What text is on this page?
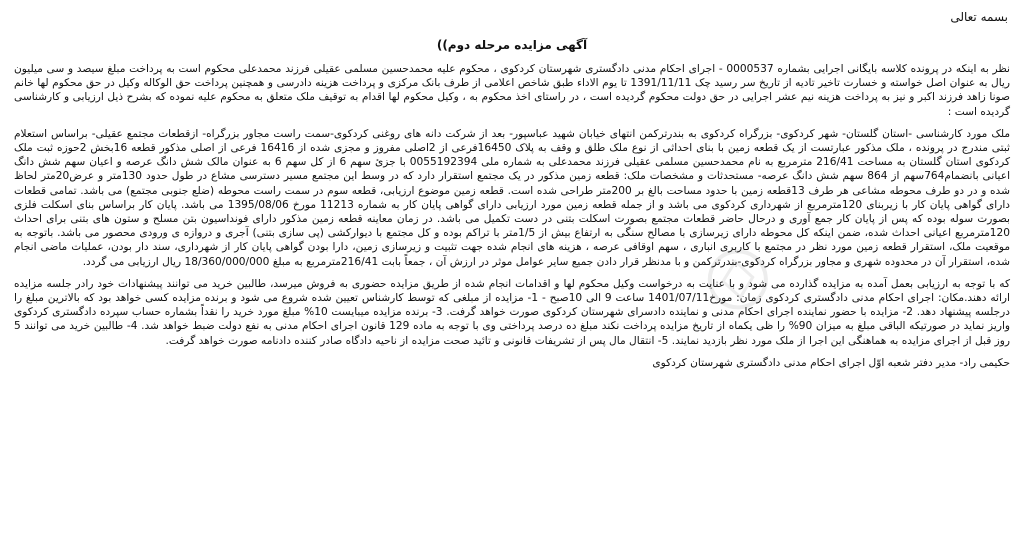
بسمه تعالی
آگهی مزایده مرحله دوم))

نظر به اینکه در پرونده کلاسه بایگانی اجرایی بشماره 0000537 - اجرای احکام مدنی دادگستری شهرستان کردکوی ، محکوم علیه محمدحسین مسلمی عقیلی فرزند محمدعلی محکوم است به پرداخت مبلغ سیصد و سی میلیون ریال به عنوان اصل خواسته و خسارت تاخیر تادیه از تاریخ سر رسید چک 1391/11/11 تا یوم الاداء طبق شاخص اعلامی از طرف بانک مرکزی و پرداخت هزینه دادرسی و همچنین پرداخت حق الوکاله وکیل در حق محکوم لها خانم صونا زاهد فرزند اکبر و نیز به پرداخت هزینه نیم عشر اجرایی در حق دولت محکوم گردیده است ، در راستای اخذ محکوم به ، وکیل محکوم لها اقدام به توقیف ملک متعلق به محکوم علیه نموده که بشرح ذیل ارزیابی و کارشناسی گردیده است :

ملک مورد کارشناسی -استان گلستان- شهر کردکوی- بزرگراه کردکوی به بندرترکمن انتهای خیابان شهید عباسپور- بعد از شرکت دانه های روغنی کردکوی-سمت راست مجاور بزرگراه- ازقطعات مجتمع عقیلی- براساس استعلام ثبتی مندرج در پرونده ، ملک مذکور عبارتست از یک قطعه زمین با بنای احداثی از نوع ملک طلق و وقف به پلاک 16450فرعی از 2اصلی مفروز و مجزی شده از 16416 فرعی از اصلی مذکور قطعه 16بخش 2حوزه ثبت ملک کردکوی استان گلستان به مساحت 216/41 مترمربع به نام محمدحسین مسلمی عقیلی فرزند محمدعلی به شماره ملی 0055192394 با جزئ سهم 6 از کل سهم 6 به عنوان مالک شش دانگ عرصه و اعیان سهم شش دانگ اعیانی بانضمام764سهم از 864 سهم شش دانگ عرصه- مستحدثات و مشخصات ملک: قطعه زمین مذکور در یک مجتمع استقرار دارد که در وسط این مجتمع مسیر دسترسی مشاع در طول حدود 130متر و عرض20متر لحاظ شده و در دو طرف محوطه مشاعی هر طرف 13قطعه زمین با حدود مساحت بالغ بر 200متر طراحی شده است. قطعه زمین موضوع ارزیابی، قطعه سوم در سمت راست محوطه (ضلع جنوبی مجتمع) می باشد. تمامی قطعات دارای گواهی پایان کار با زیربنای 120مترمربع از شهرداری کردکوی می باشد و از جمله قطعه زمین مورد ارزیابی دارای گواهی پایان کار به شماره 11213 مورخ 1395/08/06 می باشد. پایان کار براساس بنای اسکلت فلزی بصورت سوله بوده که پس از پایان کار جمع آوری و درحال حاضر قطعات مجتمع بصورت اسکلت بتنی در دست تکمیل می باشد. در زمان معاینه قطعه زمین مذکور دارای فونداسیون بتن مسلح و ستون های بتنی برای احداث 120مترمربع اعیانی احداث شده، ضمن اینکه کل محوطه دارای زیرسازی با مصالح سنگی به ارتفاع بیش از 1/5متر با تراکم بوده و کل مجتمع با دیوارکشی (پی سازی بتنی) آجری و دروازه ی ورودی محصور می باشد. باتوجه به موقعیت ملک، استقرار قطعه زمین مورد نظر در مجتمع با کاربری انباری ، سهم اوقافی عرصه ، هزینه های انجام شده جهت تثبیت و زیرسازی زمین، دارا بودن گواهی پایان کار از شهرداری، سند دار بودن، عملیات ماضی انجام شده، استقرار آن در محدوده شهری و مجاور بزرگراه کردکوی-بندرترکمن و با مدنظر قرار دادن جمیع سایر عوامل موثر در ارزش آن ، جمعاً بابت 216/41مترمربع به مبلغ 18/360/000/000 ریال ارزیابی می گردد.

که با توجه به ارزیابی بعمل آمده به مزایده گذارده می شود و با عنایت به درخواست وکیل محکوم لها و اقدامات انجام شده از طریق مزایده حضوری به فروش میرسد، طالبین خرید می توانند پیشنهادات خود رادر جلسه مزایده ارائه دهند.مکان: اجرای احکام مدنی دادگستری کردکوی زمان: مورخ1401/07/11 ساعت 9 الی 10صبح - 1- مزایده از مبلغی که توسط کارشناس تعیین شده شروع می شود و برنده مزایده کسی خواهد بود که بالاترین مبلغ را درجلسه پیشنهاد دهد. 2- مزایده با حضور نماینده اجرای احکام مدنی و نماینده دادسرای شهرستان کردکوی صورت خواهد گرفت. 3- برنده مزایده میبایست 10% مبلغ مورد خرید را نقداً بشماره حساب سپرده دادگستری کردکوی واریز نماید در صورتیکه الباقی مبلغ به میزان 90% را ظی یکماه از تاریخ مزایده پرداخت نکند مبلغ ده درصد پرداختی وی با توجه به ماده 129 قانون اجرای احکام مدنی به نفع دولت ضبط خواهد شد. 4- طالبین خرید می توانند 5 روز قبل از اجرای مزایده به هماهنگی این اجرا از ملک مورد نظر بازدید نمایند. 5- انتقال مال پس از تشریفات قانونی و تائید صحت مزایده از ناحیه دادگاه صادر کننده دادنامه صورت خواهد گرفت.

حکیمی راد- مدیر دفتر شعبه اوّل اجرای احکام مدنی دادگستری شهرستان کردکوی
